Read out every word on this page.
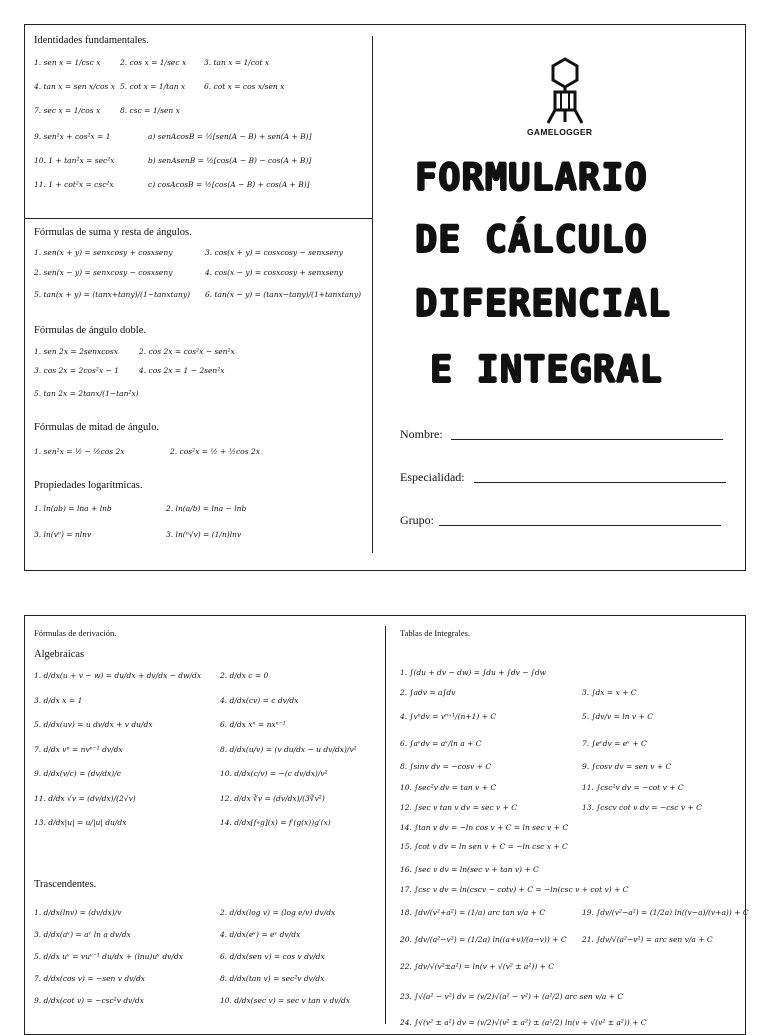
GAMELOGGER
FORMULARIO
DE CÁLCULO
DIFERENCIAL
E INTEGRAL
Nombre:
Especialidad:
Grupo:
Identidades fundamentales.
1. sen x = 1/csc x	2. cos x = 1/sec x 3. tan x = 1/cot x
4. tan x = sen x/cos x 5. cot x = 1/tan x	6. cot x = cos x/sen x
7. sec x = 1/cos x	8. csc = 1/sen x
9. sen²x + cos²x = 1	a) senAcosB = ½[sen(A − B) + sen(A + B)]
10. 1 + tan²x = sec²x	b) senAsenB = ½[cos(A − B) − cos(A + B)]
11. 1 + cot²x = csc²x	c) cosAcosB = ½[cos(A − B) + cos(A + B)]
Fórmulas de suma y resta de ángulos.
1. sen(x + y) = senxcosy + cosxseny	3. cos(x + y) = cosxcosy − senxseny
2. sen(x − y) = senxcosy − cosxseny	4. cos(x − y) = cosxcosy + senxseny
5. tan(x + y) = (tanx+tany)/(1−tanxtany) 6. tan(x − y) = (tanx−tany)/(1+tanxtany)
Fórmulas de ángulo doble.
1. sen 2x = 2senxcosx	2. cos 2x = cos²x − sen²x
3. cos 2x = 2cos²x − 1	4. cos 2x = 1 − 2sen²x
5. tan 2x = 2tanx/(1−tan²x)
Fórmulas de mitad de ángulo.
1. sen²x = ½ − ½cos 2x	2. cos²x = ½ + ½cos 2x
Propiedades logarítmicas.
1. ln(ab) = lna + lnb	2. ln(a/b) = lna − lnb
3. ln(vⁿ) = nlnv	3. ln(ⁿ√v) = (1/n)lnv
Fórmulas de derivación.
Algebraicas
1. d/dx(u + v − w) = du/dx + dv/dx − dw/dx	2. d/dx c = 0
3. d/dx x = 1	4. d/dx(cv) = c dv/dx
5. d/dx(uv) = u dv/dx + v du/dx	6. d/dx xⁿ = nxⁿ⁻¹
7. d/dx vⁿ = nvⁿ⁻¹ dv/dx	8. d/dx(u/v) = (v du/dx − u dv/dx)/v²
9. d/dx(v/c) = (dv/dx)/c	10. d/dx(c/v) = −(c dv/dx)/v²
11. d/dx √v = (dv/dx)/(2√v)	12. d/dx ∛v = (dv/dx)/(3∛v²)
13. d/dx|u| = u/|u| du/dx	14. d/dx[f∘g](x) = f′(g(x))g′(x)
Trascendentes.
1. d/dx(lnv) = (dv/dx)/v	2. d/dx(log v) = (log e/v) dv/dx
3. d/dx(aᵛ) = aᵛ ln a dv/dx	4. d/dx(eᵛ) = eᵛ dv/dx
5. d/dx uᵛ = vuᵛ⁻¹ du/dx + (lnu)uᵛ dv/dx	6. d/dx(sen v) = cos v dv/dx
7. d/dx(cos v) = −sen v dv/dx	8. d/dx(tan v) = sec²v dv/dx
9. d/dx(cot v) = −csc²v dv/dx	10. d/dx(sec v) = sec v tan v dv/dx
Tablas de Integrales.
1. ∫(du + dv − dw) = ∫du + ∫dv − ∫dw
2. ∫adv = a∫dv	3. ∫dx = x + C
4. ∫vⁿdv = vⁿ⁺¹/(n+1) + C	5. ∫dv/v = ln v + C
6. ∫aᵛdv = aᵛ/ln a + C	7. ∫eᵛdv = eᵛ + C
8. ∫sinv dv = −cosv + C	9. ∫cosv dv = sen v + C
10. ∫sec²v dv = tan v + C	11. ∫csc²v dv = −cot v + C
12. ∫sec v tan v dv = sec v + C	13. ∫cscv cot v dv = −csc v + C
14. ∫tan v dv = −ln cos v + C = ln sec v + C
15. ∫cot v dv = ln sen v + C = −ln csc x + C
16. ∫sec v dv = ln(sec v + tan v) + C
17. ∫csc v dv = ln(cscv − cotv) + C = −ln(csc v + cot v) + C
18. ∫dv/(v²+a²) = (1/a) arc tan v/a + C	19. ∫dv/(v²−a²) = (1/2a) ln((v−a)/(v+a)) + C
20. ∫dv/(a²−v²) = (1/2a) ln((a+v)/(a−v)) + C 21. ∫dv/√(a²−v²) = arc sen v/a + C
22. ∫dv/√(v²±a²) = ln(v + √(v² ± a²)) + C
23. ∫√(a² − v²) dv = (v/2)√(a² − v²) + (a²/2) arc sen v/a + C
24. ∫√(v² ± a²) dv = (v/2)√(v² ± a²) ± (a²/2) ln(v + √(v² ± a²)) + C
